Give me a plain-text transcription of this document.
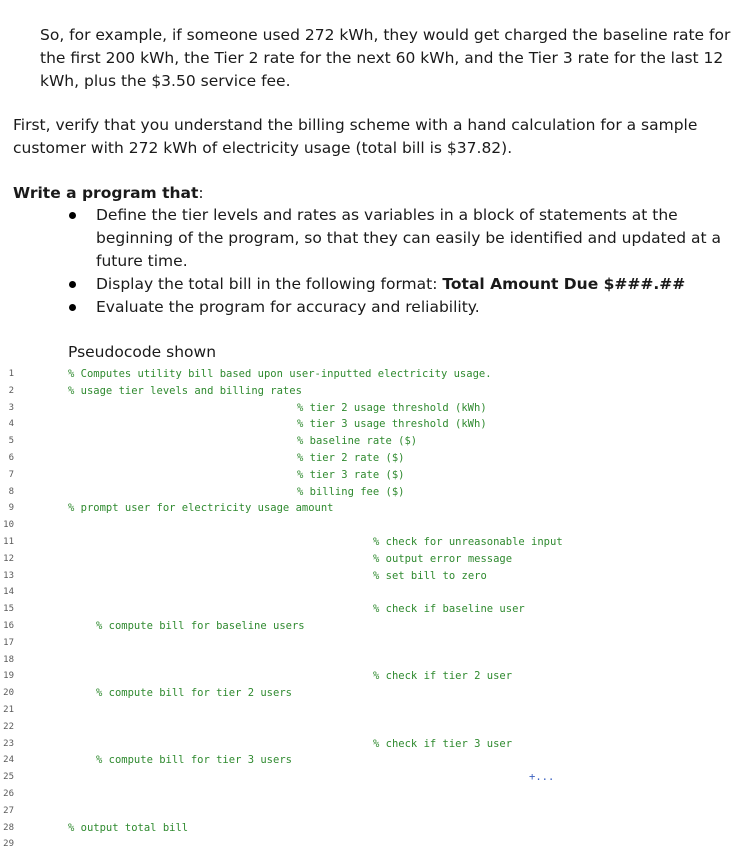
So, for example, if someone used 272 kWh, they would get charged the baseline rate for the first 200 kWh, the Tier 2 rate for the next 60 kWh, and the Tier 3 rate for the last 12 kWh, plus the $3.50 service fee.

First, verify that you understand the billing scheme with a hand calculation for a sample customer with 272 kWh of electricity usage (total bill is $37.82).

Write a program that:

Define the tier levels and rates as variables in a block of statements at the beginning of the program, so that they can easily be identified and updated at a future time.
Display the total bill in the following format: Total Amount Due $###.##
Evaluate the program for accuracy and reliability.
Pseudocode shown
1	% Computes utility bill based upon user-inputted electricity usage.
2	% usage tier levels and billing rates
3	% tier 2 usage threshold (kWh)
4	% tier 3 usage threshold (kWh)
5	% baseline rate ($)
6	% tier 2 rate ($)
7	% tier 3 rate ($)
8	% billing fee ($)
9	% prompt user for electricity usage amount
10
11	% check for unreasonable input
12	% output error message
13	% set bill to zero
14
15	% check if baseline user
16	% compute bill for baseline users
17
18
19	% check if tier 2 user
20	% compute bill for tier 2 users
21
22
23	% check if tier 3 user
24	% compute bill for tier 3 users
25	+...
26
27
28	% output total bill
29
